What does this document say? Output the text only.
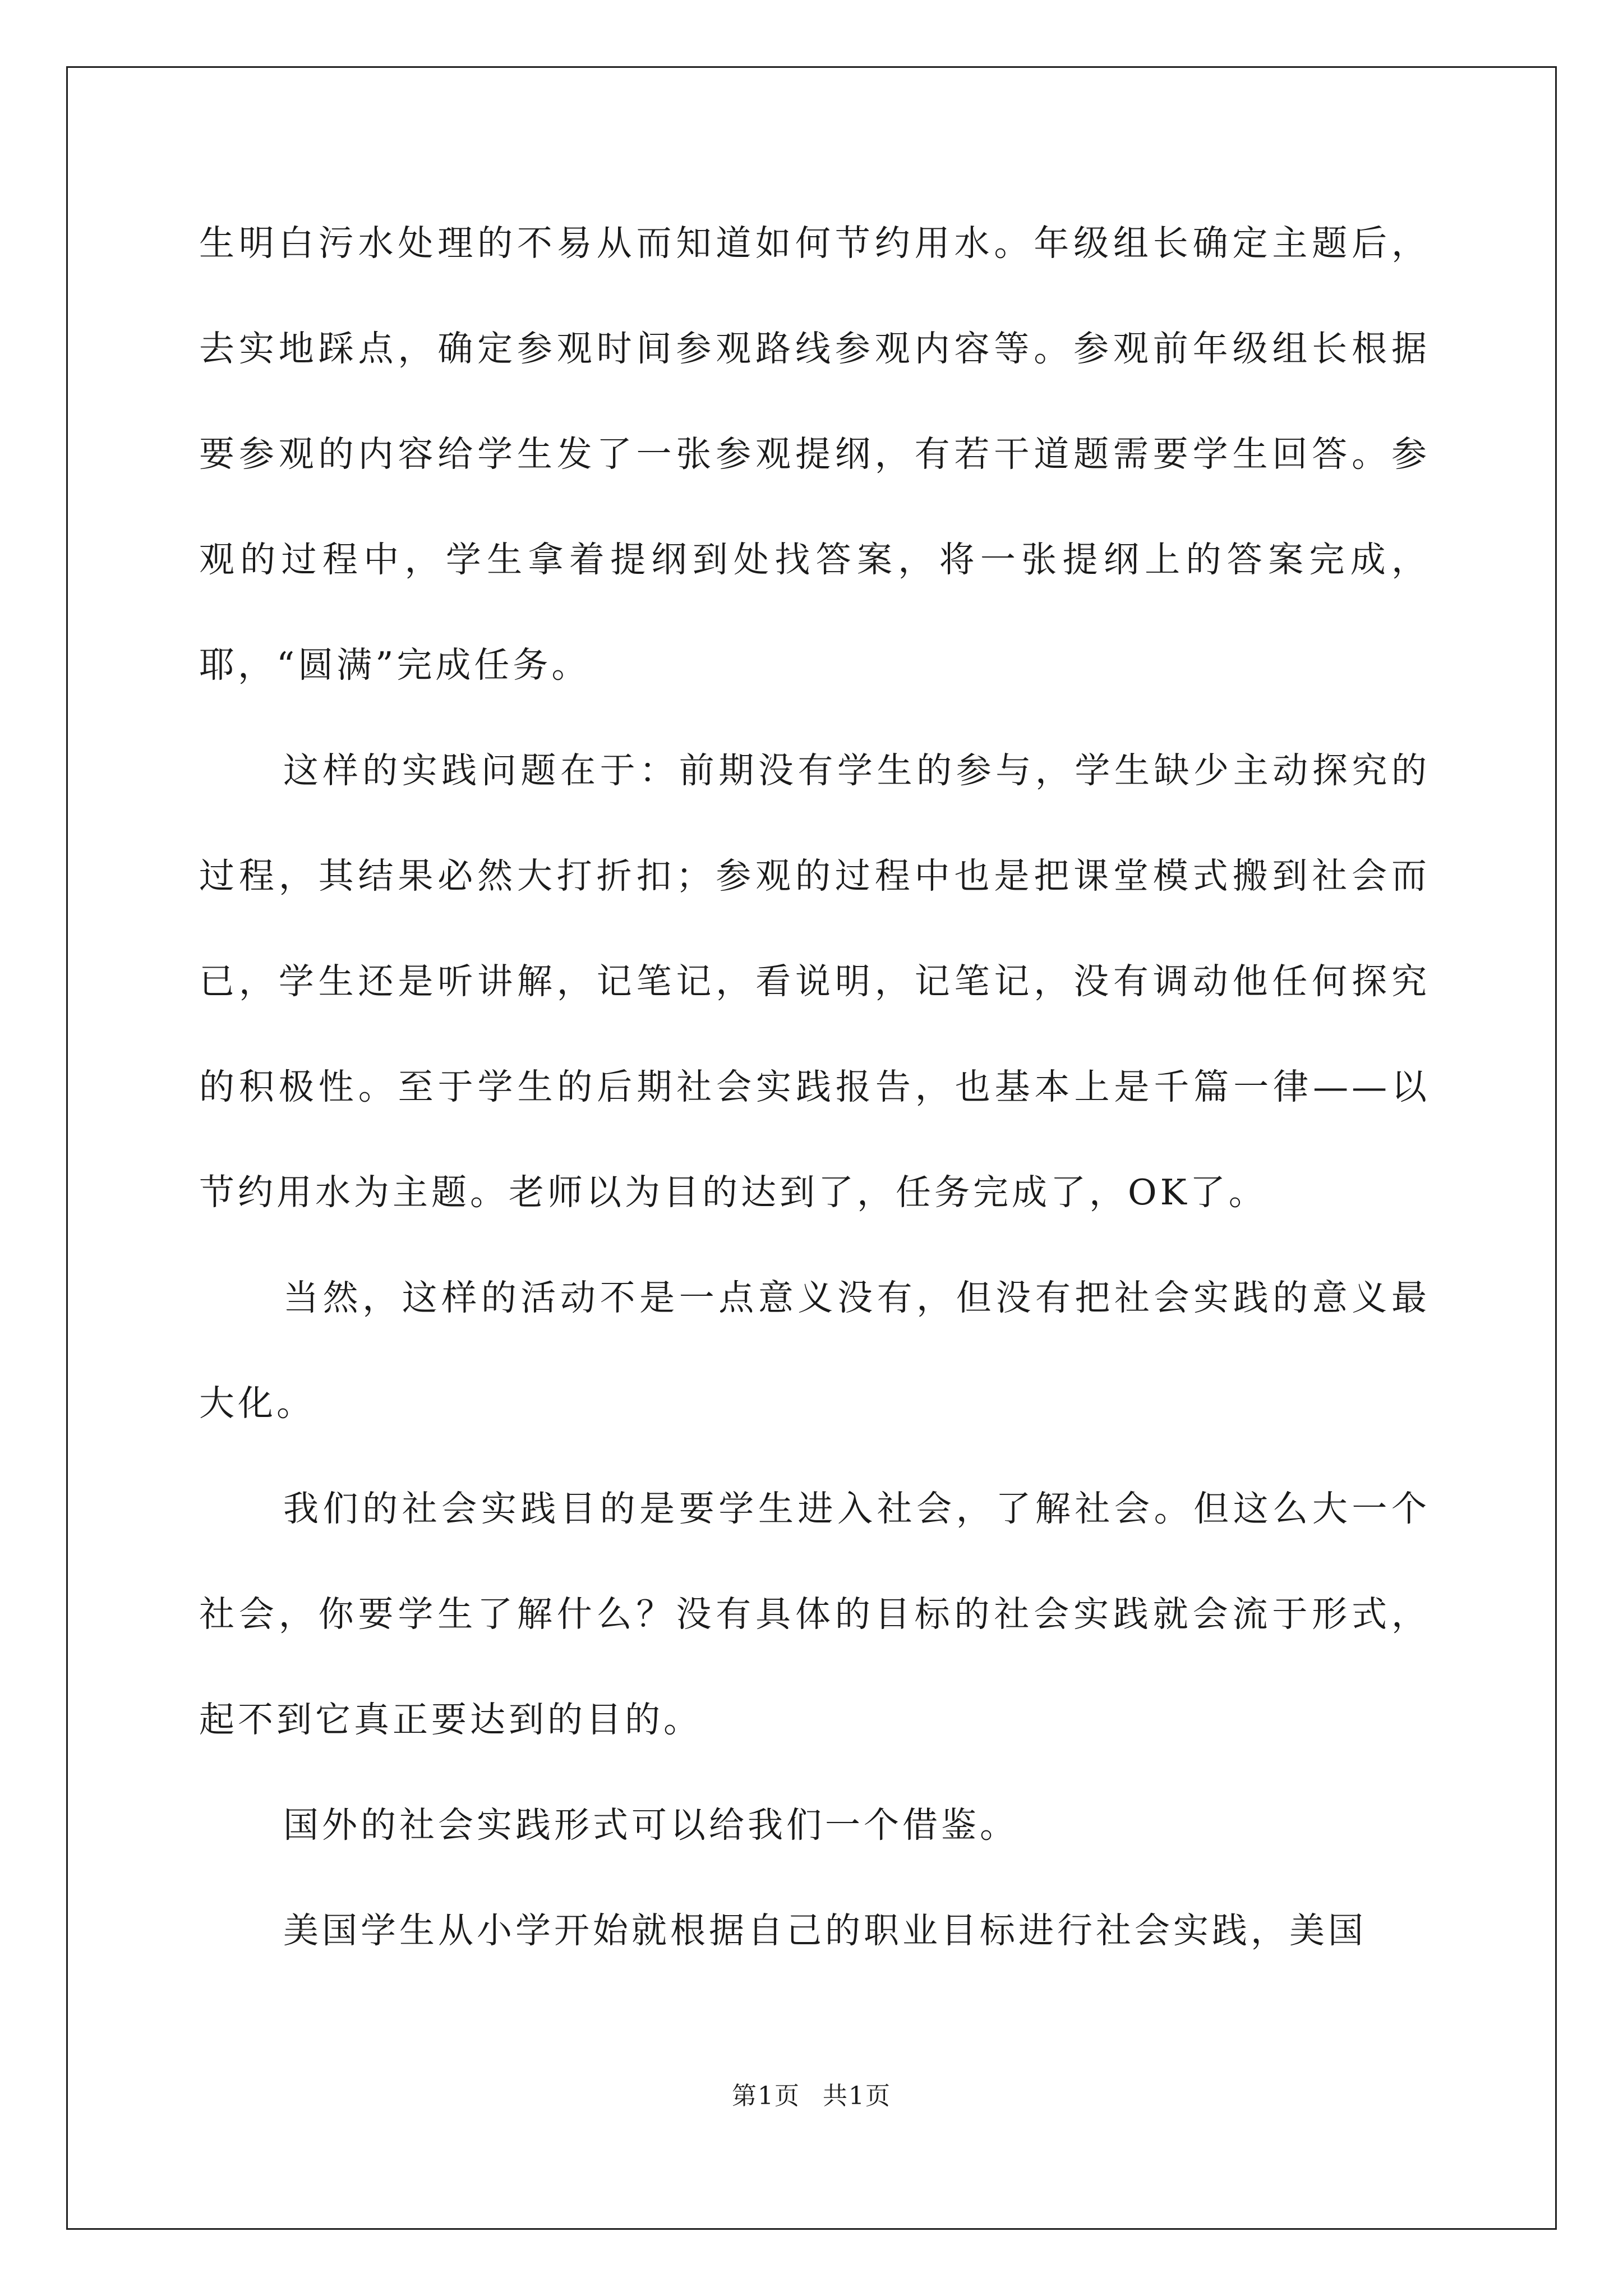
生明白污水处理的不易从而知道如何节约用水。年级组长确定主题后，去实地踩点，确定参观时间参观路线参观内容等。参观前年级组长根据要参观的内容给学生发了一张参观提纲，有若干道题需要学生回答。参观的过程中，学生拿着提纲到处找答案，将一张提纲上的答案完成，耶，“圆满”完成任务。

这样的实践问题在于：前期没有学生的参与，学生缺少主动探究的过程，其结果必然大打折扣；参观的过程中也是把课堂模式搬到社会而已，学生还是听讲解，记笔记，看说明，记笔记，没有调动他任何探究的积极性。至于学生的后期社会实践报告，也基本上是千篇一律——以节约用水为主题。老师以为目的达到了，任务完成了，OK了。

当然，这样的活动不是一点意义没有，但没有把社会实践的意义最大化。

我们的社会实践目的是要学生进入社会，了解社会。但这么大一个社会，你要学生了解什么？没有具体的目标的社会实践就会流于形式，起不到它真正要达到的目的。

国外的社会实践形式可以给我们一个借鉴。

美国学生从小学开始就根据自己的职业目标进行社会实践，美国

第1页 共1页
